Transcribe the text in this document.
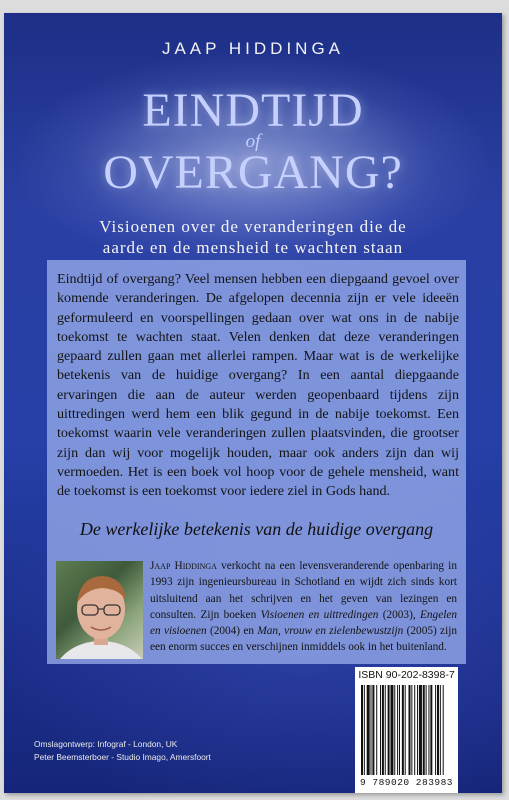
JAAP HIDDINGA
EINDTIJD
of
OVERGANG?
Visioenen over de veranderingen die de
aarde en de mensheid te wachten staan

Eindtijd of overgang? Veel mensen hebben een diepgaand gevoel over komende veranderingen. De afgelopen decennia zijn er vele ideeën geformuleerd en voorspellingen gedaan over wat ons in de nabije toekomst te wachten staat. Velen denken dat deze veranderingen gepaard zullen gaan met allerlei rampen. Maar wat is de werkelijke betekenis van de huidige overgang? In een aantal diepgaande ervaringen die aan de auteur werden geopenbaard tijdens zijn uittredingen werd hem een blik gegund in de nabije toekomst. Een toekomst waarin vele veranderingen zullen plaatsvinden, die grootser zijn dan wij voor mogelijk houden, maar ook anders zijn dan wij vermoeden. Het is een boek vol hoop voor de gehele mensheid, want de toekomst is een toekomst voor iedere ziel in Gods hand.

De werkelijke betekenis van de huidige overgang

Jaap Hiddinga verkocht na een levensveranderende openbaring in 1993 zijn ingenieursbureau in Schotland en wijdt zich sinds kort uitsluitend aan het schrijven en het geven van lezingen en consulten. Zijn boeken Visioenen en uittredingen (2003), Engelen en visioenen (2004) en Man, vrouw en zielenbewustzijn (2005) zijn een enorm succes en verschijnen inmiddels ook in het buitenland.

ISBN 90-202-8398-7
9 789020 283983
Omslagontwerp: Infograf - London, UK
Peter Beemsterboer - Studio Imago, Amersfoort
